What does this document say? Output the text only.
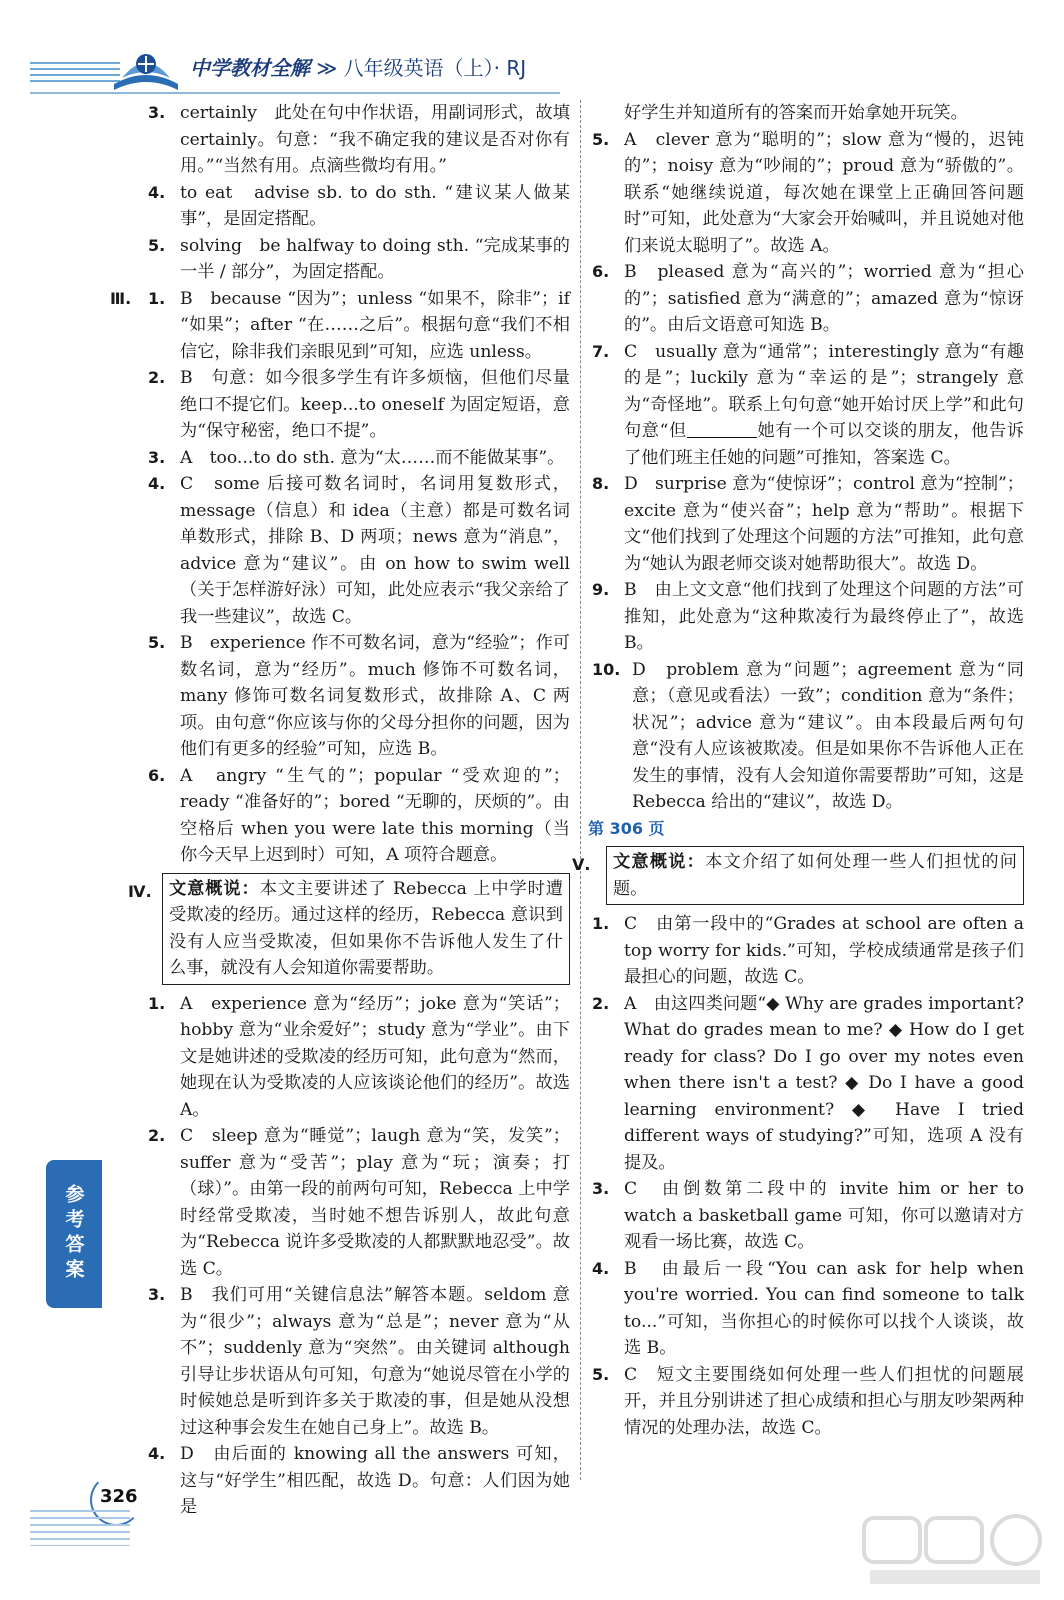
中学教材全解 ≫ 八年级英语（上）· RJ
3. certainly　此处在句中作状语，用副词形式，故填 certainly。句意：“我不确定我的建议是否对你有用。”“当然有用。点滴些微均有用。”
4. to eat　advise sb. to do sth. “建议某人做某事”，是固定搭配。
5. solving　be halfway to doing sth. “完成某事的一半 / 部分”，为固定搭配。
Ⅲ. 1. B　because “因为”；unless “如果不，除非”；if “如果”；after “在……之后”。根据句意“我们不相信它，除非我们亲眼见到”可知，应选 unless。
2. B　句意：如今很多学生有许多烦恼，但他们尽量绝口不提它们。keep...to oneself 为固定短语，意为“保守秘密，绝口不提”。
3. A　too...to do sth. 意为“太……而不能做某事”。
4. C　some 后接可数名词时，名词用复数形式，message（信息）和 idea（主意）都是可数名词单数形式，排除 B、D 两项；news 意为“消息”，advice 意为“建议”。由 on how to swim well（关于怎样游好泳）可知，此处应表示“我父亲给了我一些建议”，故选 C。
5. B　experience 作不可数名词，意为“经验”；作可数名词，意为“经历”。much 修饰不可数名词，many 修饰可数名词复数形式，故排除 A、C 两项。由句意“你应该与你的父母分担你的问题，因为他们有更多的经验”可知，应选 B。
6. A　angry “生气的”；popular “受欢迎的”；ready “准备好的”；bored “无聊的，厌烦的”。由空格后 when you were late this morning（当你今天早上迟到时）可知，A 项符合题意。
Ⅳ.	文意概说：本文主要讲述了 Rebecca 上中学时遭受欺凌的经历。通过这样的经历，Rebecca 意识到没有人应当受欺凌，但如果你不告诉他人发生了什么事，就没有人会知道你需要帮助。
1. A　experience 意为“经历”；joke 意为“笑话”；hobby 意为“业余爱好”；study 意为“学业”。由下文是她讲述的受欺凌的经历可知，此句意为“然而，她现在认为受欺凌的人应该谈论他们的经历”。故选 A。
2. C　sleep 意为“睡觉”；laugh 意为“笑，发笑”；suffer 意为“受苦”；play 意为“玩；演奏；打（球）”。由第一段的前两句可知，Rebecca 上中学时经常受欺凌，当时她不想告诉别人，故此句意为“Rebecca 说许多受欺凌的人都默默地忍受”。故选 C。
3. B　我们可用“关键信息法”解答本题。seldom 意为“很少”；always 意为“总是”；never 意为“从不”；suddenly 意为“突然”。由关键词 although 引导让步状语从句可知，句意为“她说尽管在小学的时候她总是听到许多关于欺凌的事，但是她从没想过这种事会发生在她自己身上”。故选 B。
4. D　由后面的 knowing all the answers 可知，这与“好学生”相匹配，故选 D。句意：人们因为她是
好学生并知道所有的答案而开始拿她开玩笑。
5. A　clever 意为“聪明的”；slow 意为“慢的，迟钝的”；noisy 意为“吵闹的”；proud 意为“骄傲的”。联系“她继续说道，每次她在课堂上正确回答问题时”可知，此处意为“大家会开始喊叫，并且说她对他们来说太聪明了”。故选 A。
6. B　pleased 意为“高兴的”；worried 意为“担心的”；satisfied 意为“满意的”；amazed 意为“惊讶的”。由后文语意可知选 B。
7. C　usually 意为“通常”；interestingly 意为“有趣的是”；luckily 意为“幸运的是”；strangely 意为“奇怪地”。联系上句句意“她开始讨厌上学”和此句句意“但	她有一个可以交谈的朋友，他告诉了他们班主任她的问题”可推知，答案选 C。
8. D　surprise 意为“使惊讶”；control 意为“控制”；excite 意为“使兴奋”；help 意为“帮助”。根据下文“他们找到了处理这个问题的方法”可推知，此句意为“她认为跟老师交谈对她帮助很大”。故选 D。
9. B　由上文文意“他们找到了处理这个问题的方法”可推知，此处意为“这种欺凌行为最终停止了”，故选 B。
10. D　problem 意为“问题”；agreement 意为“同意；（意见或看法）一致”；condition 意为“条件；状况”；advice 意为“建议”。由本段最后两句句意“没有人应该被欺凌。但是如果你不告诉他人正在发生的事情，没有人会知道你需要帮助”可知，这是 Rebecca 给出的“建议”，故选 D。
第 306 页
Ⅴ.	文意概说：本文介绍了如何处理一些人们担忧的问题。
1. C　由第一段中的“Grades at school are often a top worry for kids.”可知，学校成绩通常是孩子们最担心的问题，故选 C。
2. A　由这四类问题“◆ Why are grades important? What do grades mean to me? ◆ How do I get ready for class? Do I go over my notes even when there isn't a test? ◆ Do I have a good learning environment? ◆ Have I tried different ways of studying?”可知，选项 A 没有提及。
3. C　由倒数第二段中的 invite him or her to watch a basketball game 可知，你可以邀请对方观看一场比赛，故选 C。
4. B　由最后一段“You can ask for help when you're worried. You can find someone to talk to...”可知，当你担心的时候你可以找个人谈谈，故选 B。
5. C　短文主要围绕如何处理一些人们担忧的问题展开，并且分别讲述了担心成绩和担心与朋友吵架两种情况的处理办法，故选 C。
参考答案
326
